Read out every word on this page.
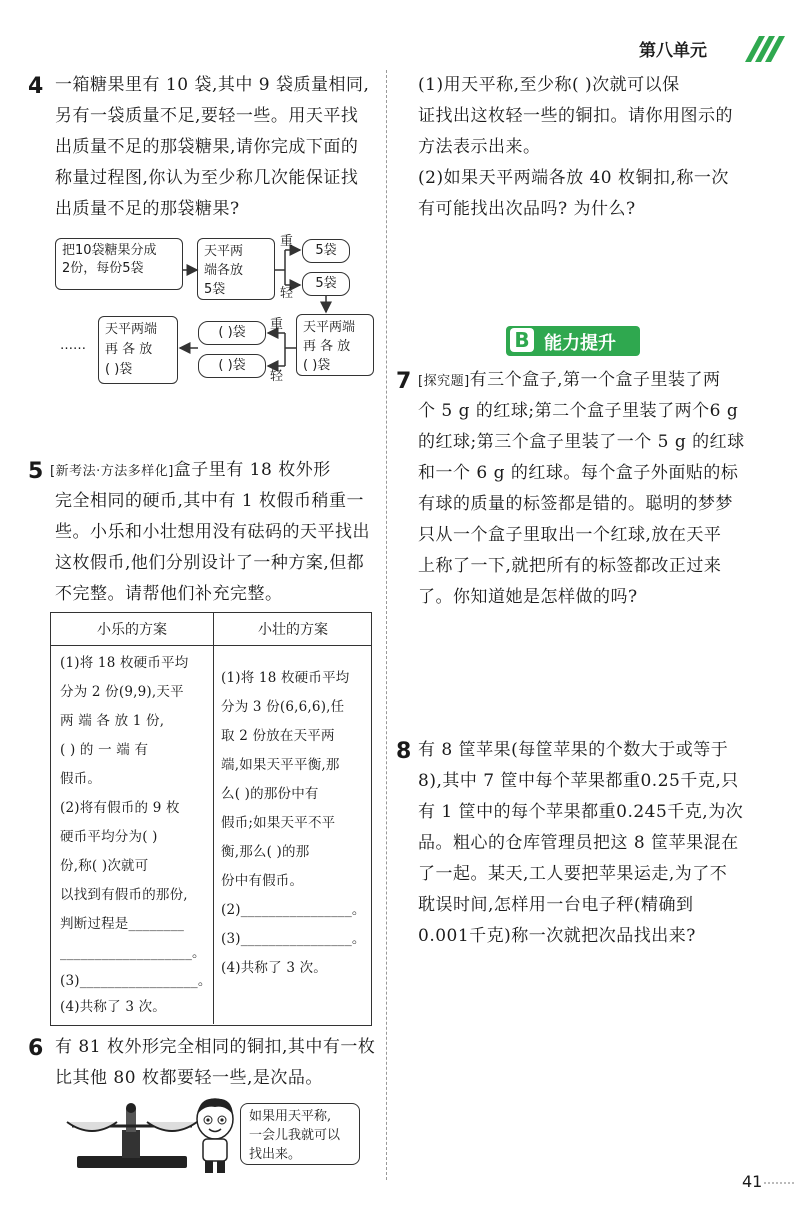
第八单元
4 一箱糖果里有 10 袋,其中 9 袋质量相同,
另有一袋质量不足,要轻一些。用天平找
出质量不足的那袋糖果,请你完成下面的
称量过程图,你认为至少称几次能保证找
出质量不足的那袋糖果?
把10袋糖果分成
2份，每份5袋
天平两
端各放
5袋
重
轻
5袋
5袋
天平两端
再 各 放
( )袋
重
轻
( )袋
( )袋
天平两端
再 各 放
( )袋
……
5 [新考法·方法多样化]盒子里有 18 枚外形
完全相同的硬币,其中有 1 枚假币稍重一
些。小乐和小壮想用没有砝码的天平找出
这枚假币,他们分别设计了一种方案,但都
不完整。请帮他们补充完整。
小乐的方案	小壮的方案
(1)将 18 枚硬币平均
分为 2 份(9,9),天平
两 端 各 放 1 份,
( ) 的 一 端 有
假币。
(2)将有假币的 9 枚
硬币平均分为( )
份,称( )次就可
以找到有假币的那份,
判断过程是________
___________________。
(3)_________________。
(4)共称了 3 次。
(1)将 18 枚硬币平均
分为 3 份(6,6,6),任
取 2 份放在天平两
端,如果天平平衡,那
么( )的那份中有
假币;如果天平不平
衡,那么( )的那
份中有假币。
(2)________________。
(3)________________。
(4)共称了 3 次。
6 有 81 枚外形完全相同的铜扣,其中有一枚
比其他 80 枚都要轻一些,是次品。
如果用天平称,
一会儿我就可以
找出来。
(1)用天平称,至少称( )次就可以保
证找出这枚轻一些的铜扣。请你用图示的
方法表示出来。
(2)如果天平两端各放 40 枚铜扣,称一次
有可能找出次品吗? 为什么?
B 能力提升
7 [探究题]有三个盒子,第一个盒子里装了两
个 5 g 的红球;第二个盒子里装了两个6 g
的红球;第三个盒子里装了一个 5 g 的红球
和一个 6 g 的红球。每个盒子外面贴的标
有球的质量的标签都是错的。聪明的梦梦
只从一个盒子里取出一个红球,放在天平
上称了一下,就把所有的标签都改正过来
了。你知道她是怎样做的吗?
8 有 8 筐苹果(每筐苹果的个数大于或等于
8),其中 7 筐中每个苹果都重0.25千克,只
有 1 筐中的每个苹果都重0.245千克,为次
品。粗心的仓库管理员把这 8 筐苹果混在
了一起。某天,工人要把苹果运走,为了不
耽误时间,怎样用一台电子秤(精确到
0.001千克)称一次就把次品找出来?
41
